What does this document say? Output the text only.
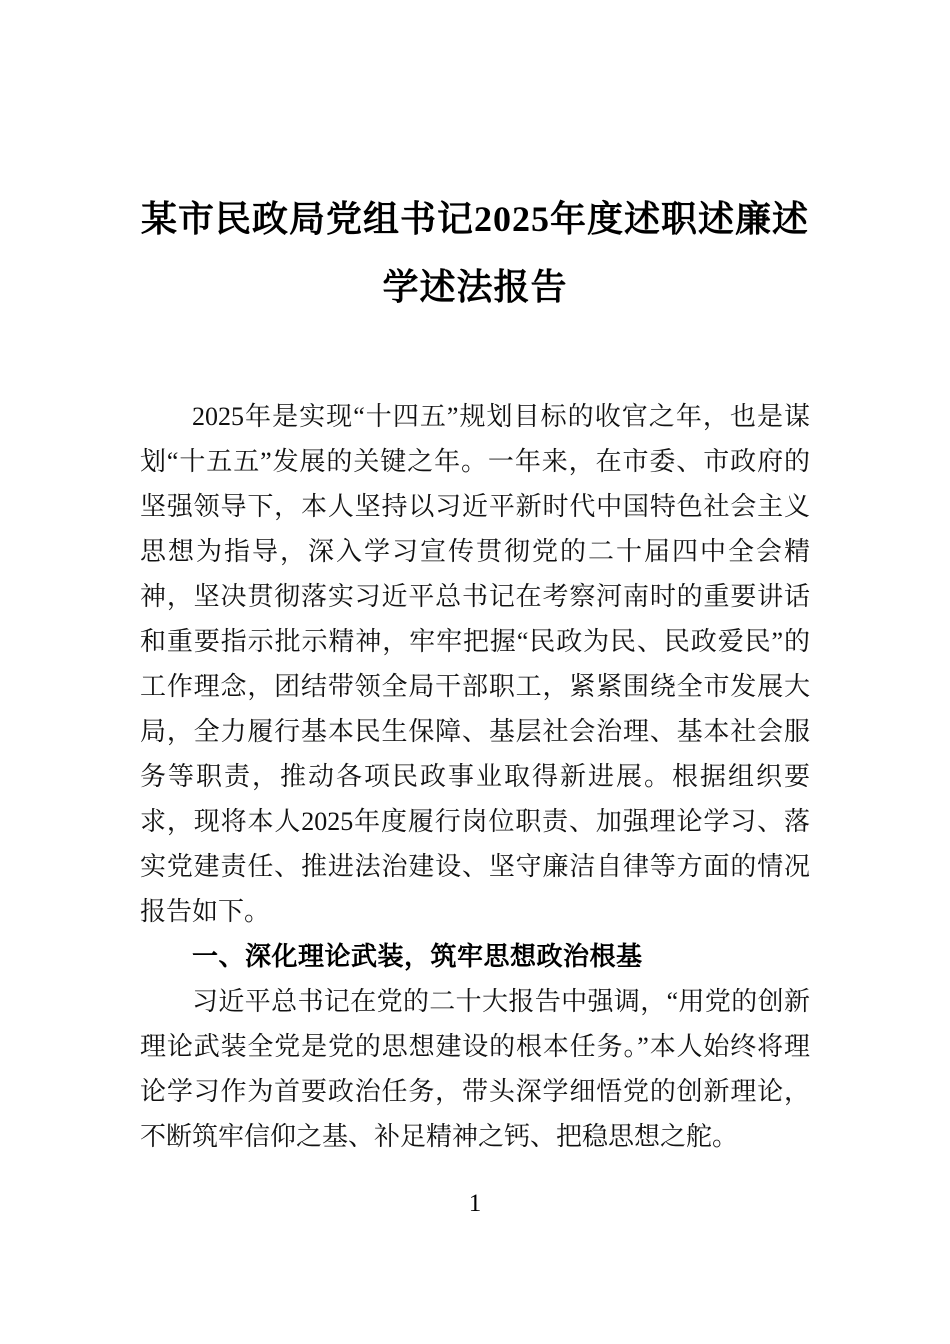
某市民政局党组书记2025年度述职述廉述
学述法报告

2025年是实现“十四五”规划目标的收官之年，也是谋划“十五五”发展的关键之年。一年来，在市委、市政府的坚强领导下，本人坚持以习近平新时代中国特色社会主义思想为指导，深入学习宣传贯彻党的二十届四中全会精神，坚决贯彻落实习近平总书记在考察河南时的重要讲话和重要指示批示精神，牢牢把握“民政为民、民政爱民”的工作理念，团结带领全局干部职工，紧紧围绕全市发展大局，全力履行基本民生保障、基层社会治理、基本社会服务等职责，推动各项民政事业取得新进展。根据组织要求，现将本人2025年度履行岗位职责、加强理论学习、落实党建责任、推进法治建设、坚守廉洁自律等方面的情况报告如下。

一、深化理论武装，筑牢思想政治根基

习近平总书记在党的二十大报告中强调，“用党的创新理论武装全党是党的思想建设的根本任务。”本人始终将理论学习作为首要政治任务，带头深学细悟党的创新理论，不断筑牢信仰之基、补足精神之钙、把稳思想之舵。

1
